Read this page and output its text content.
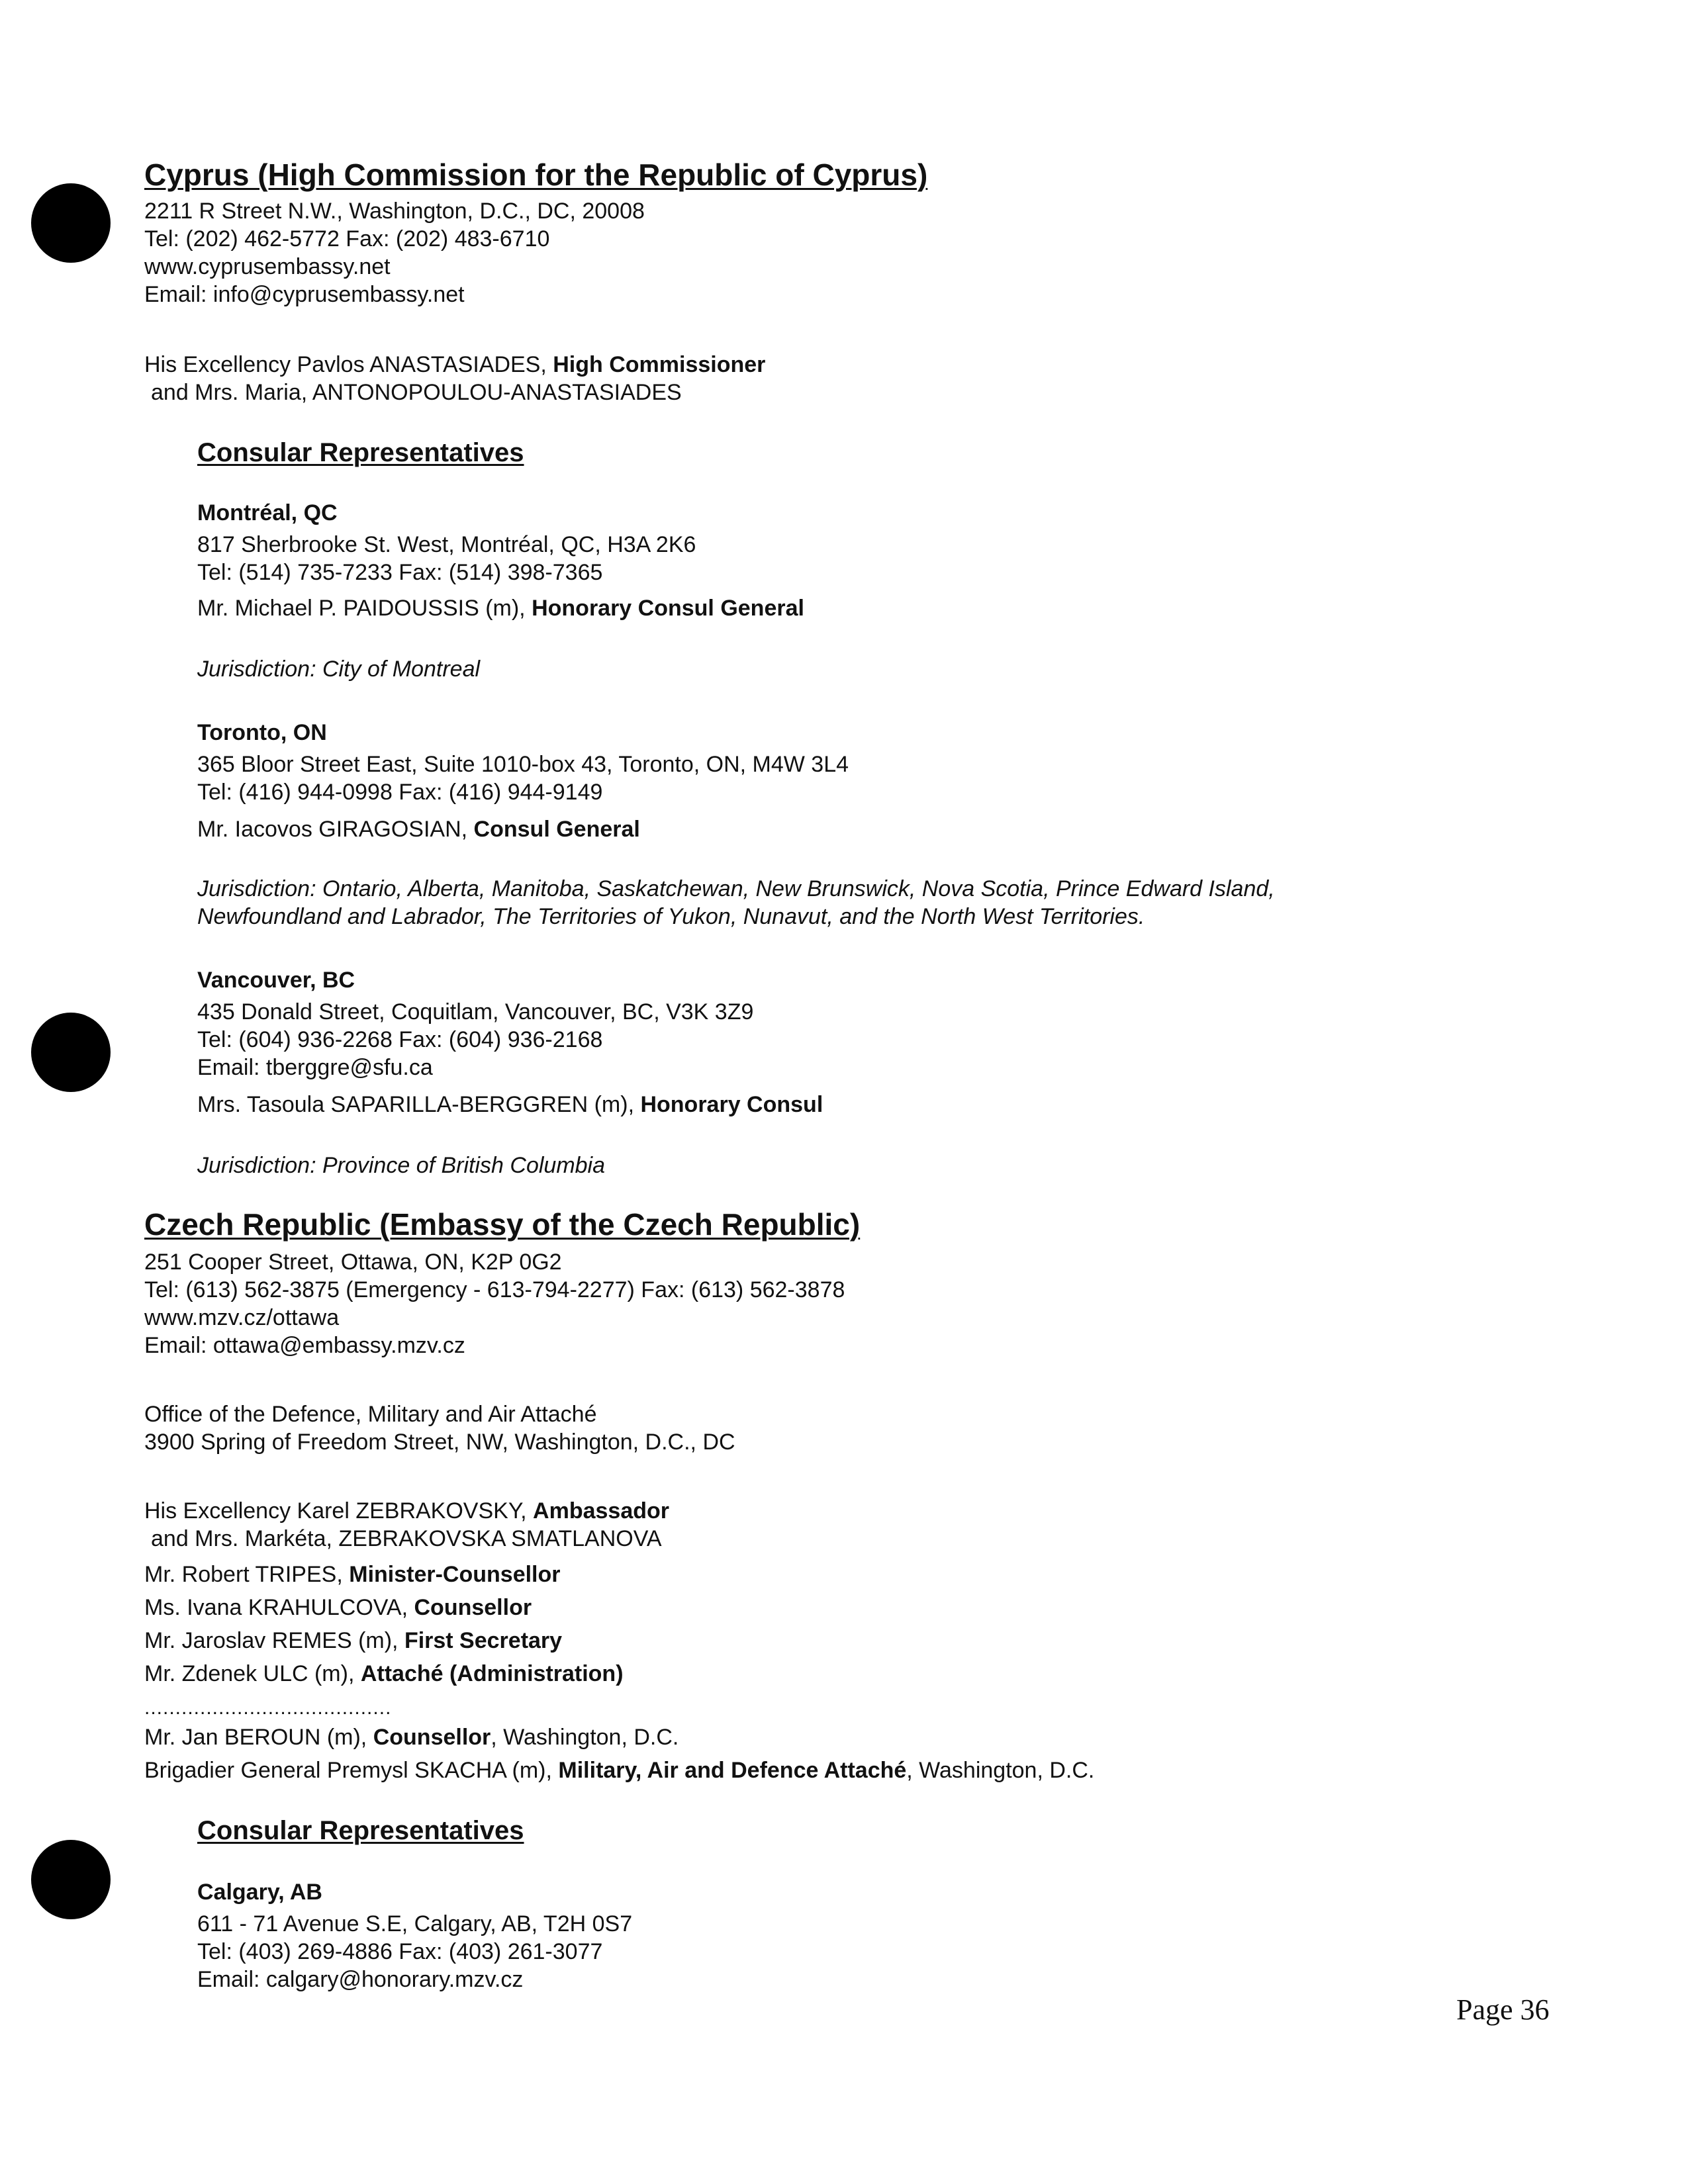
Cyprus (High Commission for the Republic of Cyprus)

2211 R Street N.W., Washington, D.C., DC, 20008

Tel: (202) 462-5772 Fax: (202) 483-6710

www.cyprusembassy.net

Email: info@cyprusembassy.net

His Excellency Pavlos ANASTASIADES, High Commissioner

and Mrs. Maria, ANTONOPOULOU-ANASTASIADES

Consular Representatives

Montréal, QC

817 Sherbrooke St. West, Montréal, QC, H3A 2K6

Tel: (514) 735-7233 Fax: (514) 398-7365

Mr. Michael P. PAIDOUSSIS (m), Honorary Consul General

Jurisdiction: City of Montreal

Toronto, ON

365 Bloor Street East, Suite 1010-box 43, Toronto, ON, M4W 3L4

Tel: (416) 944-0998 Fax: (416) 944-9149

Mr. Iacovos GIRAGOSIAN, Consul General

Jurisdiction: Ontario, Alberta, Manitoba, Saskatchewan, New Brunswick, Nova Scotia, Prince Edward Island,

Newfoundland and Labrador, The Territories of Yukon, Nunavut, and the North West Territories.

Vancouver, BC

435 Donald Street, Coquitlam, Vancouver, BC, V3K 3Z9

Tel: (604) 936-2268 Fax: (604) 936-2168

Email: tberggre@sfu.ca

Mrs. Tasoula SAPARILLA-BERGGREN (m), Honorary Consul

Jurisdiction: Province of British Columbia

Czech Republic (Embassy of the Czech Republic)

251 Cooper Street, Ottawa, ON, K2P 0G2

Tel: (613) 562-3875 (Emergency - 613-794-2277) Fax: (613) 562-3878

www.mzv.cz/ottawa

Email: ottawa@embassy.mzv.cz

Office of the Defence, Military and Air Attaché

3900 Spring of Freedom Street, NW, Washington, D.C., DC

His Excellency Karel ZEBRAKOVSKY, Ambassador

and Mrs. Markéta, ZEBRAKOVSKA SMATLANOVA

Mr. Robert TRIPES, Minister-Counsellor

Ms. Ivana KRAHULCOVA, Counsellor

Mr. Jaroslav REMES (m), First Secretary

Mr. Zdenek ULC (m), Attaché (Administration)

........................................

Mr. Jan BEROUN (m), Counsellor, Washington, D.C.

Brigadier General Premysl SKACHA (m), Military, Air and Defence Attaché, Washington, D.C.

Consular Representatives

Calgary, AB

611 - 71 Avenue S.E, Calgary, AB, T2H 0S7

Tel: (403) 269-4886 Fax: (403) 261-3077

Email: calgary@honorary.mzv.cz

Page 36
